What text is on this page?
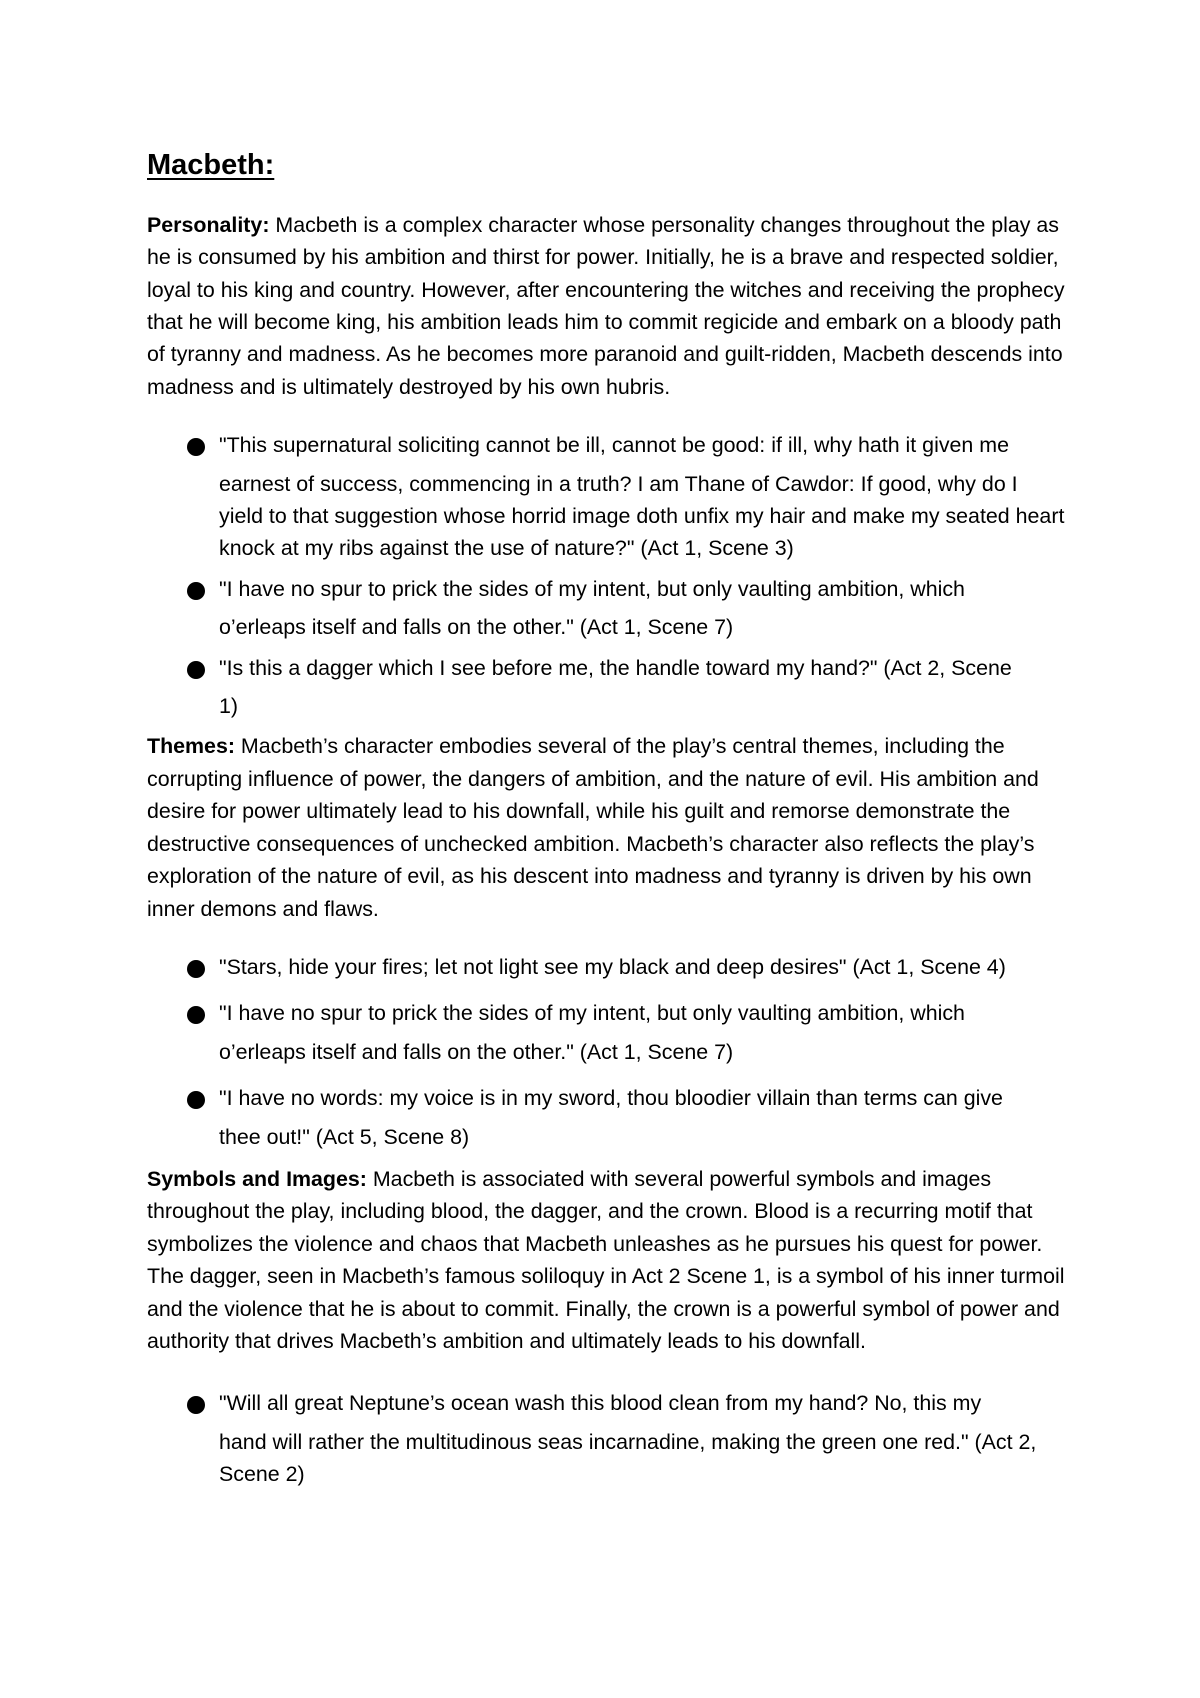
Macbeth:

Personality: Macbeth is a complex character whose personality changes throughout the play as he is consumed by his ambition and thirst for power. Initially, he is a brave and respected soldier, loyal to his king and country. However, after encountering the witches and receiving the prophecy that he will become king, his ambition leads him to commit regicide and embark on a bloody path of tyranny and madness. As he becomes more paranoid and guilt-ridden, Macbeth descends into madness and is ultimately destroyed by his own hubris.

"This supernatural soliciting cannot be ill, cannot be good: if ill, why hath it given me
earnest of success, commencing in a truth? I am Thane of Cawdor: If good, why do I yield to that suggestion whose horrid image doth unfix my hair and make my seated heart knock at my ribs against the use of nature?" (Act 1, Scene 3)
"I have no spur to prick the sides of my intent, but only vaulting ambition, which
o’erleaps itself and falls on the other." (Act 1, Scene 7)
"Is this a dagger which I see before me, the handle toward my hand?" (Act 2, Scene
1)

Themes: Macbeth’s character embodies several of the play’s central themes, including the corrupting influence of power, the dangers of ambition, and the nature of evil. His ambition and desire for power ultimately lead to his downfall, while his guilt and remorse demonstrate the destructive consequences of unchecked ambition. Macbeth’s character also reflects the play’s exploration of the nature of evil, as his descent into madness and tyranny is driven by his own inner demons and flaws.

"Stars, hide your fires; let not light see my black and deep desires" (Act 1, Scene 4)
"I have no spur to prick the sides of my intent, but only vaulting ambition, which
o’erleaps itself and falls on the other." (Act 1, Scene 7)
"I have no words: my voice is in my sword, thou bloodier villain than terms can give
thee out!" (Act 5, Scene 8)

Symbols and Images: Macbeth is associated with several powerful symbols and images throughout the play, including blood, the dagger, and the crown. Blood is a recurring motif that symbolizes the violence and chaos that Macbeth unleashes as he pursues his quest for power. The dagger, seen in Macbeth’s famous soliloquy in Act 2 Scene 1, is a symbol of his inner turmoil and the violence that he is about to commit. Finally, the crown is a powerful symbol of power and authority that drives Macbeth’s ambition and ultimately leads to his downfall.

"Will all great Neptune’s ocean wash this blood clean from my hand? No, this my
hand will rather the multitudinous seas incarnadine, making the green one red." (Act 2, Scene 2)
